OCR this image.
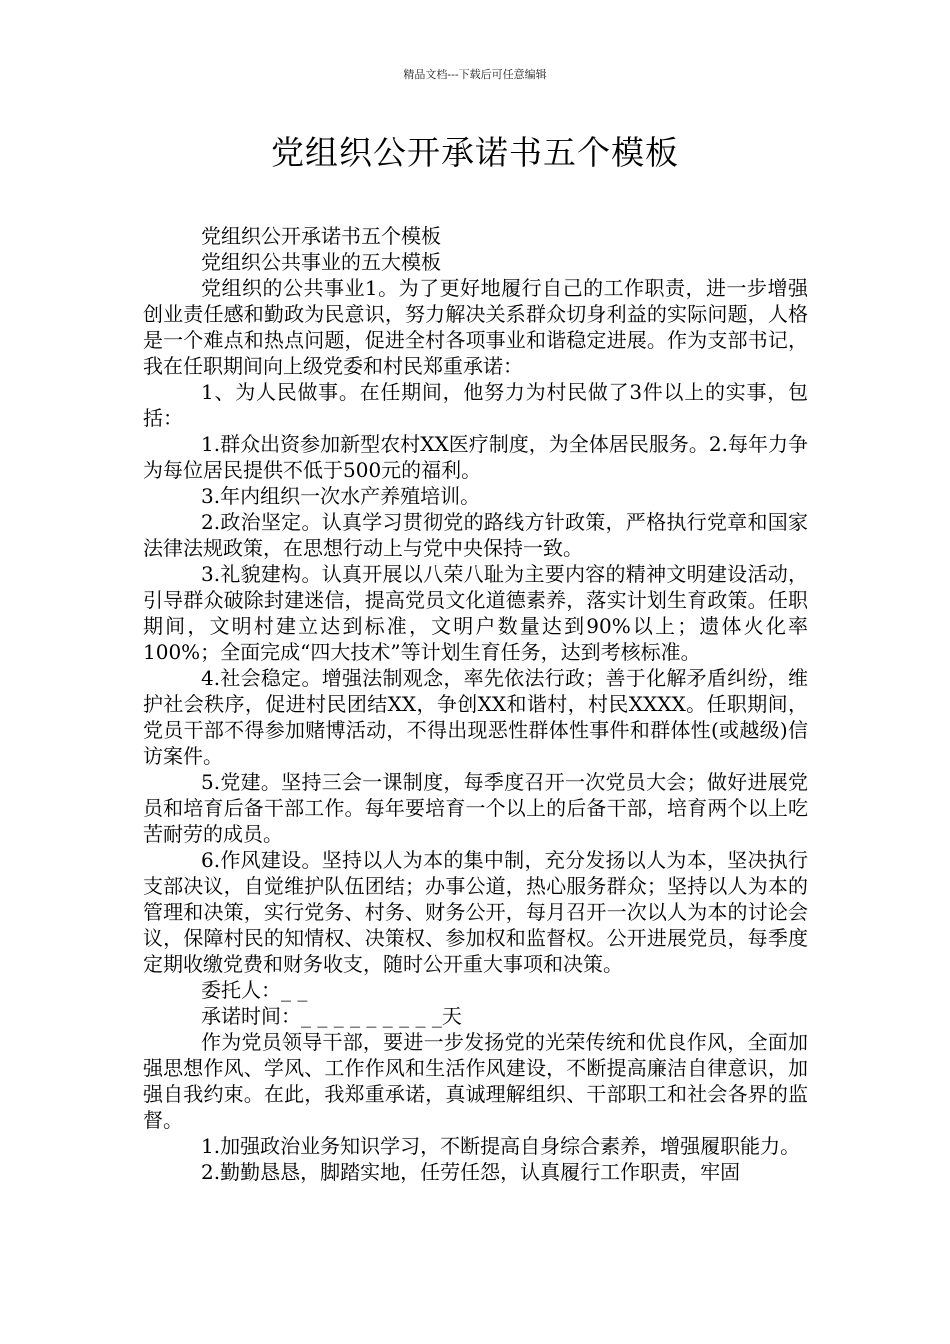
精品文档---下载后可任意编辑
党组织公开承诺书五个模板

党组织公开承诺书五个模板

党组织公共事业的五大模板

党组织的公共事业1。为了更好地履行自己的工作职责，进一步增强创业责任感和勤政为民意识，努力解决关系群众切身利益的实际问题，人格是一个难点和热点问题，促进全村各项事业和谐稳定进展。作为支部书记，我在任职期间向上级党委和村民郑重承诺：

1、为人民做事。在任期间，他努力为村民做了3件以上的实事，包括：

1.群众出资参加新型农村XX医疗制度，为全体居民服务。2.每年力争为每位居民提供不低于500元的福利。

3.年内组织一次水产养殖培训。

2.政治坚定。认真学习贯彻党的路线方针政策，严格执行党章和国家法律法规政策，在思想行动上与党中央保持一致。

3.礼貌建构。认真开展以八荣八耻为主要内容的精神文明建设活动，引导群众破除封建迷信，提高党员文化道德素养，落实计划生育政策。任职期间，文明村建立达到标准，文明户数量达到90%以上；遗体火化率100%；全面完成“四大技术”等计划生育任务，达到考核标准。

4.社会稳定。增强法制观念，率先依法行政；善于化解矛盾纠纷，维护社会秩序，促进村民团结XX，争创XX和谐村，村民XXXX。任职期间，党员干部不得参加赌博活动，不得出现恶性群体性事件和群体性(或越级)信访案件。

5.党建。坚持三会一课制度，每季度召开一次党员大会；做好进展党员和培育后备干部工作。每年要培育一个以上的后备干部，培育两个以上吃苦耐劳的成员。

6.作风建设。坚持以人为本的集中制，充分发扬以人为本，坚决执行支部决议，自觉维护队伍团结；办事公道，热心服务群众；坚持以人为本的管理和决策，实行党务、村务、财务公开，每月召开一次以人为本的讨论会议，保障村民的知情权、决策权、参加权和监督权。公开进展党员，每季度定期收缴党费和财务收支，随时公开重大事项和决策。

委托人：_ _

承诺时间：_ _ _ _ _ _ _ _ _天

作为党员领导干部，要进一步发扬党的光荣传统和优良作风，全面加强思想作风、学风、工作作风和生活作风建设，不断提高廉洁自律意识，加强自我约束。在此，我郑重承诺，真诚理解组织、干部职工和社会各界的监督。

1.加强政治业务知识学习，不断提高自身综合素养，增强履职能力。

2.勤勤恳恳，脚踏实地，任劳任怨，认真履行工作职责，牢固
